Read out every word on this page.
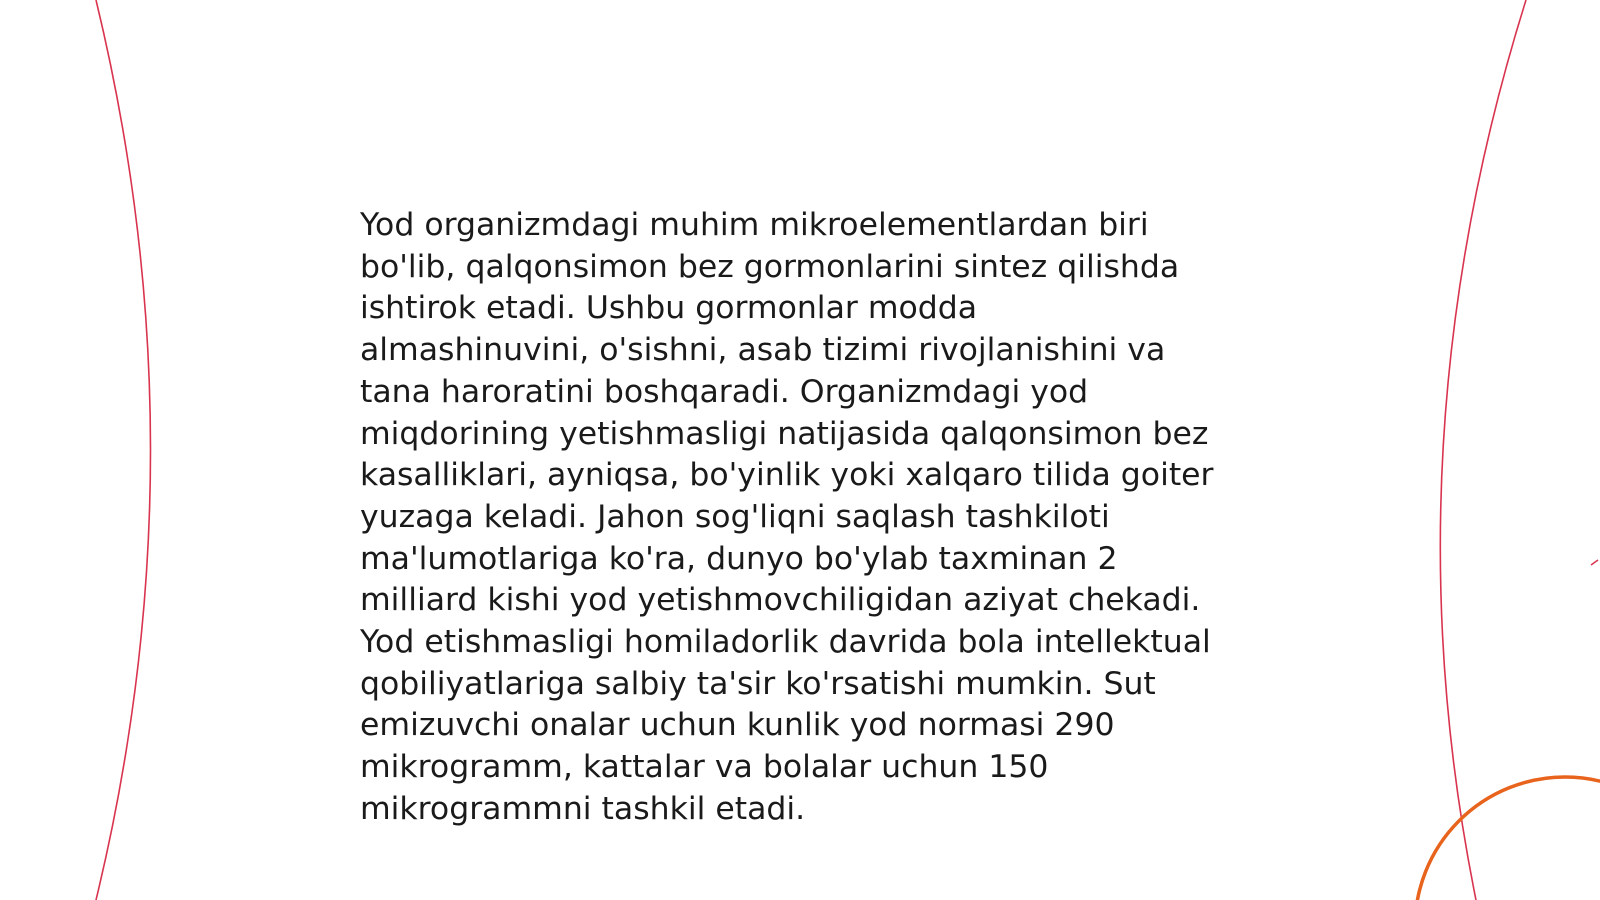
Yod organizmdagi muhim mikroelementlardan biri
bo'lib, qalqonsimon bez gormonlarini sintez qilishda
ishtirok etadi. Ushbu gormonlar modda
almashinuvini, o'sishni, asab tizimi rivojlanishini va
tana haroratini boshqaradi. Organizmdagi yod
miqdorining yetishmasligi natijasida qalqonsimon bez
kasalliklari, ayniqsa, bo'yinlik yoki xalqaro tilida goiter
yuzaga keladi. Jahon sog'liqni saqlash tashkiloti
ma'lumotlariga ko'ra, dunyo bo'ylab taxminan 2
milliard kishi yod yetishmovchiligidan aziyat chekadi.
Yod etishmasligi homiladorlik davrida bola intellektual
qobiliyatlariga salbiy ta'sir ko'rsatishi mumkin. Sut
emizuvchi onalar uchun kunlik yod normasi 290
mikrogramm, kattalar va bolalar uchun 150
mikrogrammni tashkil etadi.
